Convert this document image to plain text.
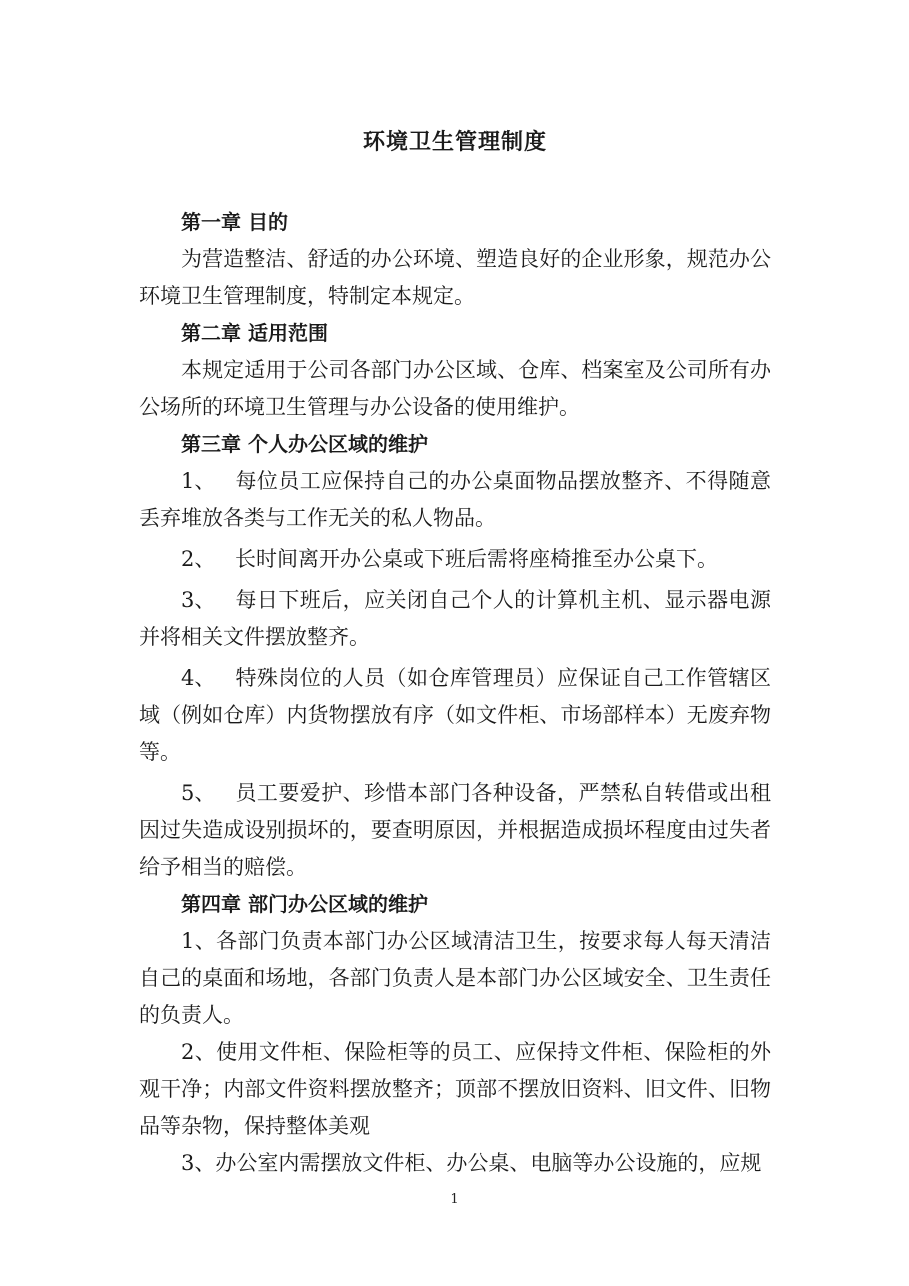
环境卫生管理制度

第一章 目的

为营造整洁、舒适的办公环境、塑造良好的企业形象，规范办公环境卫生管理制度，特制定本规定。

第二章 适用范围

本规定适用于公司各部门办公区域、仓库、档案室及公司所有办公场所的环境卫生管理与办公设备的使用维护。

第三章 个人办公区域的维护

1、 每位员工应保持自己的办公桌面物品摆放整齐、不得随意丢弃堆放各类与工作无关的私人物品。

2、 长时间离开办公桌或下班后需将座椅推至办公桌下。

3、 每日下班后，应关闭自己个人的计算机主机、显示器电源并将相关文件摆放整齐。

4、 特殊岗位的人员（如仓库管理员）应保证自己工作管辖区域（例如仓库）内货物摆放有序（如文件柜、市场部样本）无废弃物等。

5、 员工要爱护、珍惜本部门各种设备，严禁私自转借或出租因过失造成设别损坏的，要查明原因，并根据造成损坏程度由过失者给予相当的赔偿。

第四章 部门办公区域的维护

1、各部门负责本部门办公区域清洁卫生，按要求每人每天清洁自己的桌面和场地，各部门负责人是本部门办公区域安全、卫生责任的负责人。

2、使用文件柜、保险柜等的员工、应保持文件柜、保险柜的外观干净；内部文件资料摆放整齐；顶部不摆放旧资料、旧文件、旧物品等杂物，保持整体美观

3、办公室内需摆放文件柜、办公桌、电脑等办公设施的，应规

1
